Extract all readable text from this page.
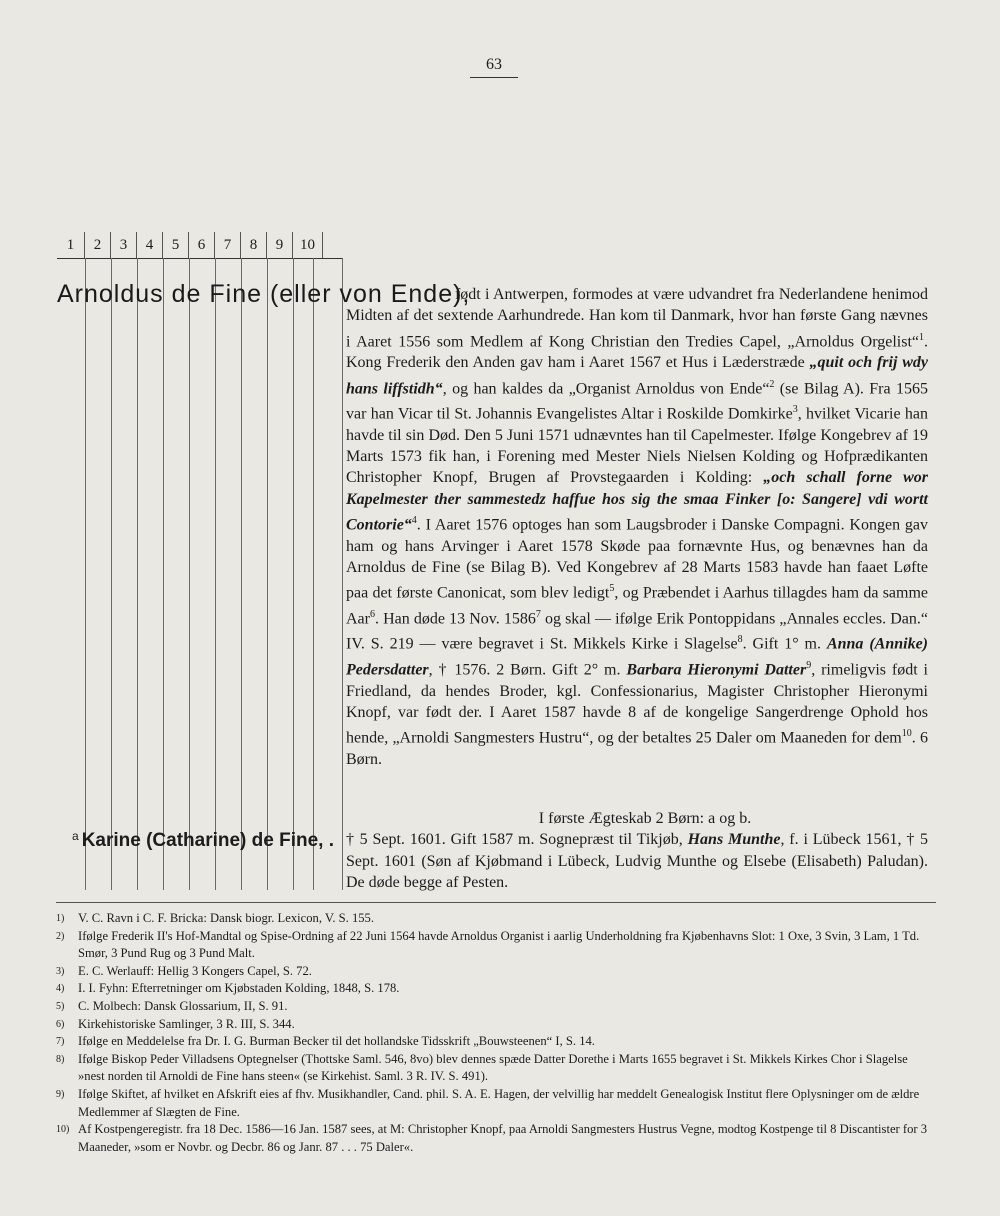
63
1	2	3	4	5	6	7	8	9	10
Arnoldus de Fine (eller von Ende),
født i Antwerpen, formodes at være udvandret fra Nederlandene henimod Midten af det sextende Aarhundrede. Han kom til Danmark, hvor han første Gang nævnes i Aaret 1556 som Medlem af Kong Christian den Tredies Capel, „Arnoldus Orgelist“$^1$. Kong Frederik den Anden gav ham i Aaret 1567 et Hus i Læderstræde „quit och frij wdy hans liffstidh“, og han kaldes da „Organist Arnoldus von Ende“$^2$ (se Bilag A). Fra 1565 var han Vicar til St. Johannis Evangelistes Altar i Roskilde Domkirke$^3$, hvilket Vicarie han havde til sin Død. Den 5 Juni 1571 udnævntes han til Capelmester. Ifølge Kongebrev af 19 Marts 1573 fik han, i Forening med Mester Niels Nielsen Kolding og Hofprædikanten Christopher Knopf, Brugen af Provstegaarden i Kolding: „och schall forne wor Kapelmester ther sammestedz haffue hos sig the smaa Finker [o: Sangere] vdi wortt Contorie“$^4$. I Aaret 1576 optoges han som Laugsbroder i Danske Compagni. Kongen gav ham og hans Arvinger i Aaret 1578 Skøde paa fornævnte Hus, og benævnes han da Arnoldus de Fine (se Bilag B). Ved Kongebrev af 28 Marts 1583 havde han faaet Løfte paa det første Canonicat, som blev ledigt$^5$, og Præbendet i Aarhus tillagdes ham da samme Aar$^6$. Han døde 13 Nov. 1586$^7$ og skal — ifølge Erik Pontoppidans „Annales eccles. Dan.“ IV. S. 219 — være begravet i St. Mikkels Kirke i Slagelse$^8$. Gift 1° m. Anna (Annike) Pedersdatter, † 1576. 2 Børn. Gift 2° m. Barbara Hieronymi Datter$^9$, rimeligvis født i Friedland, da hendes Broder, kgl. Confessionarius, Magister Christopher Hieronymi Knopf, var født der. I Aaret 1587 havde 8 af de kongelige Sangerdrenge Ophold hos hende, „Arnoldi Sangmesters Hustru“, og der betaltes 25 Daler om Maaneden for dem$^{10}$. 6 Børn.
I første Ægteskab 2 Børn: a og b.
† 5 Sept. 1601. Gift 1587 m. Sognepræst til Tikjøb, Hans Munthe, f. i Lübeck 1561, † 5 Sept. 1601 (Søn af Kjøbmand i Lübeck, Ludvig Munthe og Elsebe (Elisabeth) Paludan). De døde begge af Pesten.
$^a$ Karine (Catharine) de Fine, .
1)	V. C. Ravn i C. F. Bricka: Dansk biogr. Lexicon, V. S. 155.
2)	Ifølge Frederik II's Hof-Mandtal og Spise-Ordning af 22 Juni 1564 havde Arnoldus Organist i aarlig Underholdning fra Kjøbenhavns Slot: 1 Oxe, 3 Svin, 3 Lam, 1 Td. Smør, 3 Pund Rug og 3 Pund Malt.
3)	E. C. Werlauff: Hellig 3 Kongers Capel, S. 72.
4)	I. I. Fyhn: Efterretninger om Kjøbstaden Kolding, 1848, S. 178.
5)	C. Molbech: Dansk Glossarium, II, S. 91.
6)	Kirkehistoriske Samlinger, 3 R. III, S. 344.
7)	Ifølge en Meddelelse fra Dr. I. G. Burman Becker til det hollandske Tidsskrift „Bouwsteenen“ I, S. 14.
8)	Ifølge Biskop Peder Villadsens Optegnelser (Thottske Saml. 546, 8vo) blev dennes spæde Datter Dorethe i Marts 1655 begravet i St. Mikkels Kirkes Chor i Slagelse »nest norden til Arnoldi de Fine hans steen« (se Kirkehist. Saml. 3 R. IV. S. 491).
9)	Ifølge Skiftet, af hvilket en Afskrift eies af fhv. Musikhandler, Cand. phil. S. A. E. Hagen, der velvillig har meddelt Genealogisk Institut flere Oplysninger om de ældre Medlemmer af Slægten de Fine.
10) Af Kostpengeregistr. fra 18 Dec. 1586—16 Jan. 1587 sees, at M: Christopher Knopf, paa Arnoldi Sangmesters Hustrus Vegne, modtog Kostpenge til 8 Discantister for 3 Maaneder, »som er Novbr. og Decbr. 86 og Janr. 87 . . . 75 Daler«.
